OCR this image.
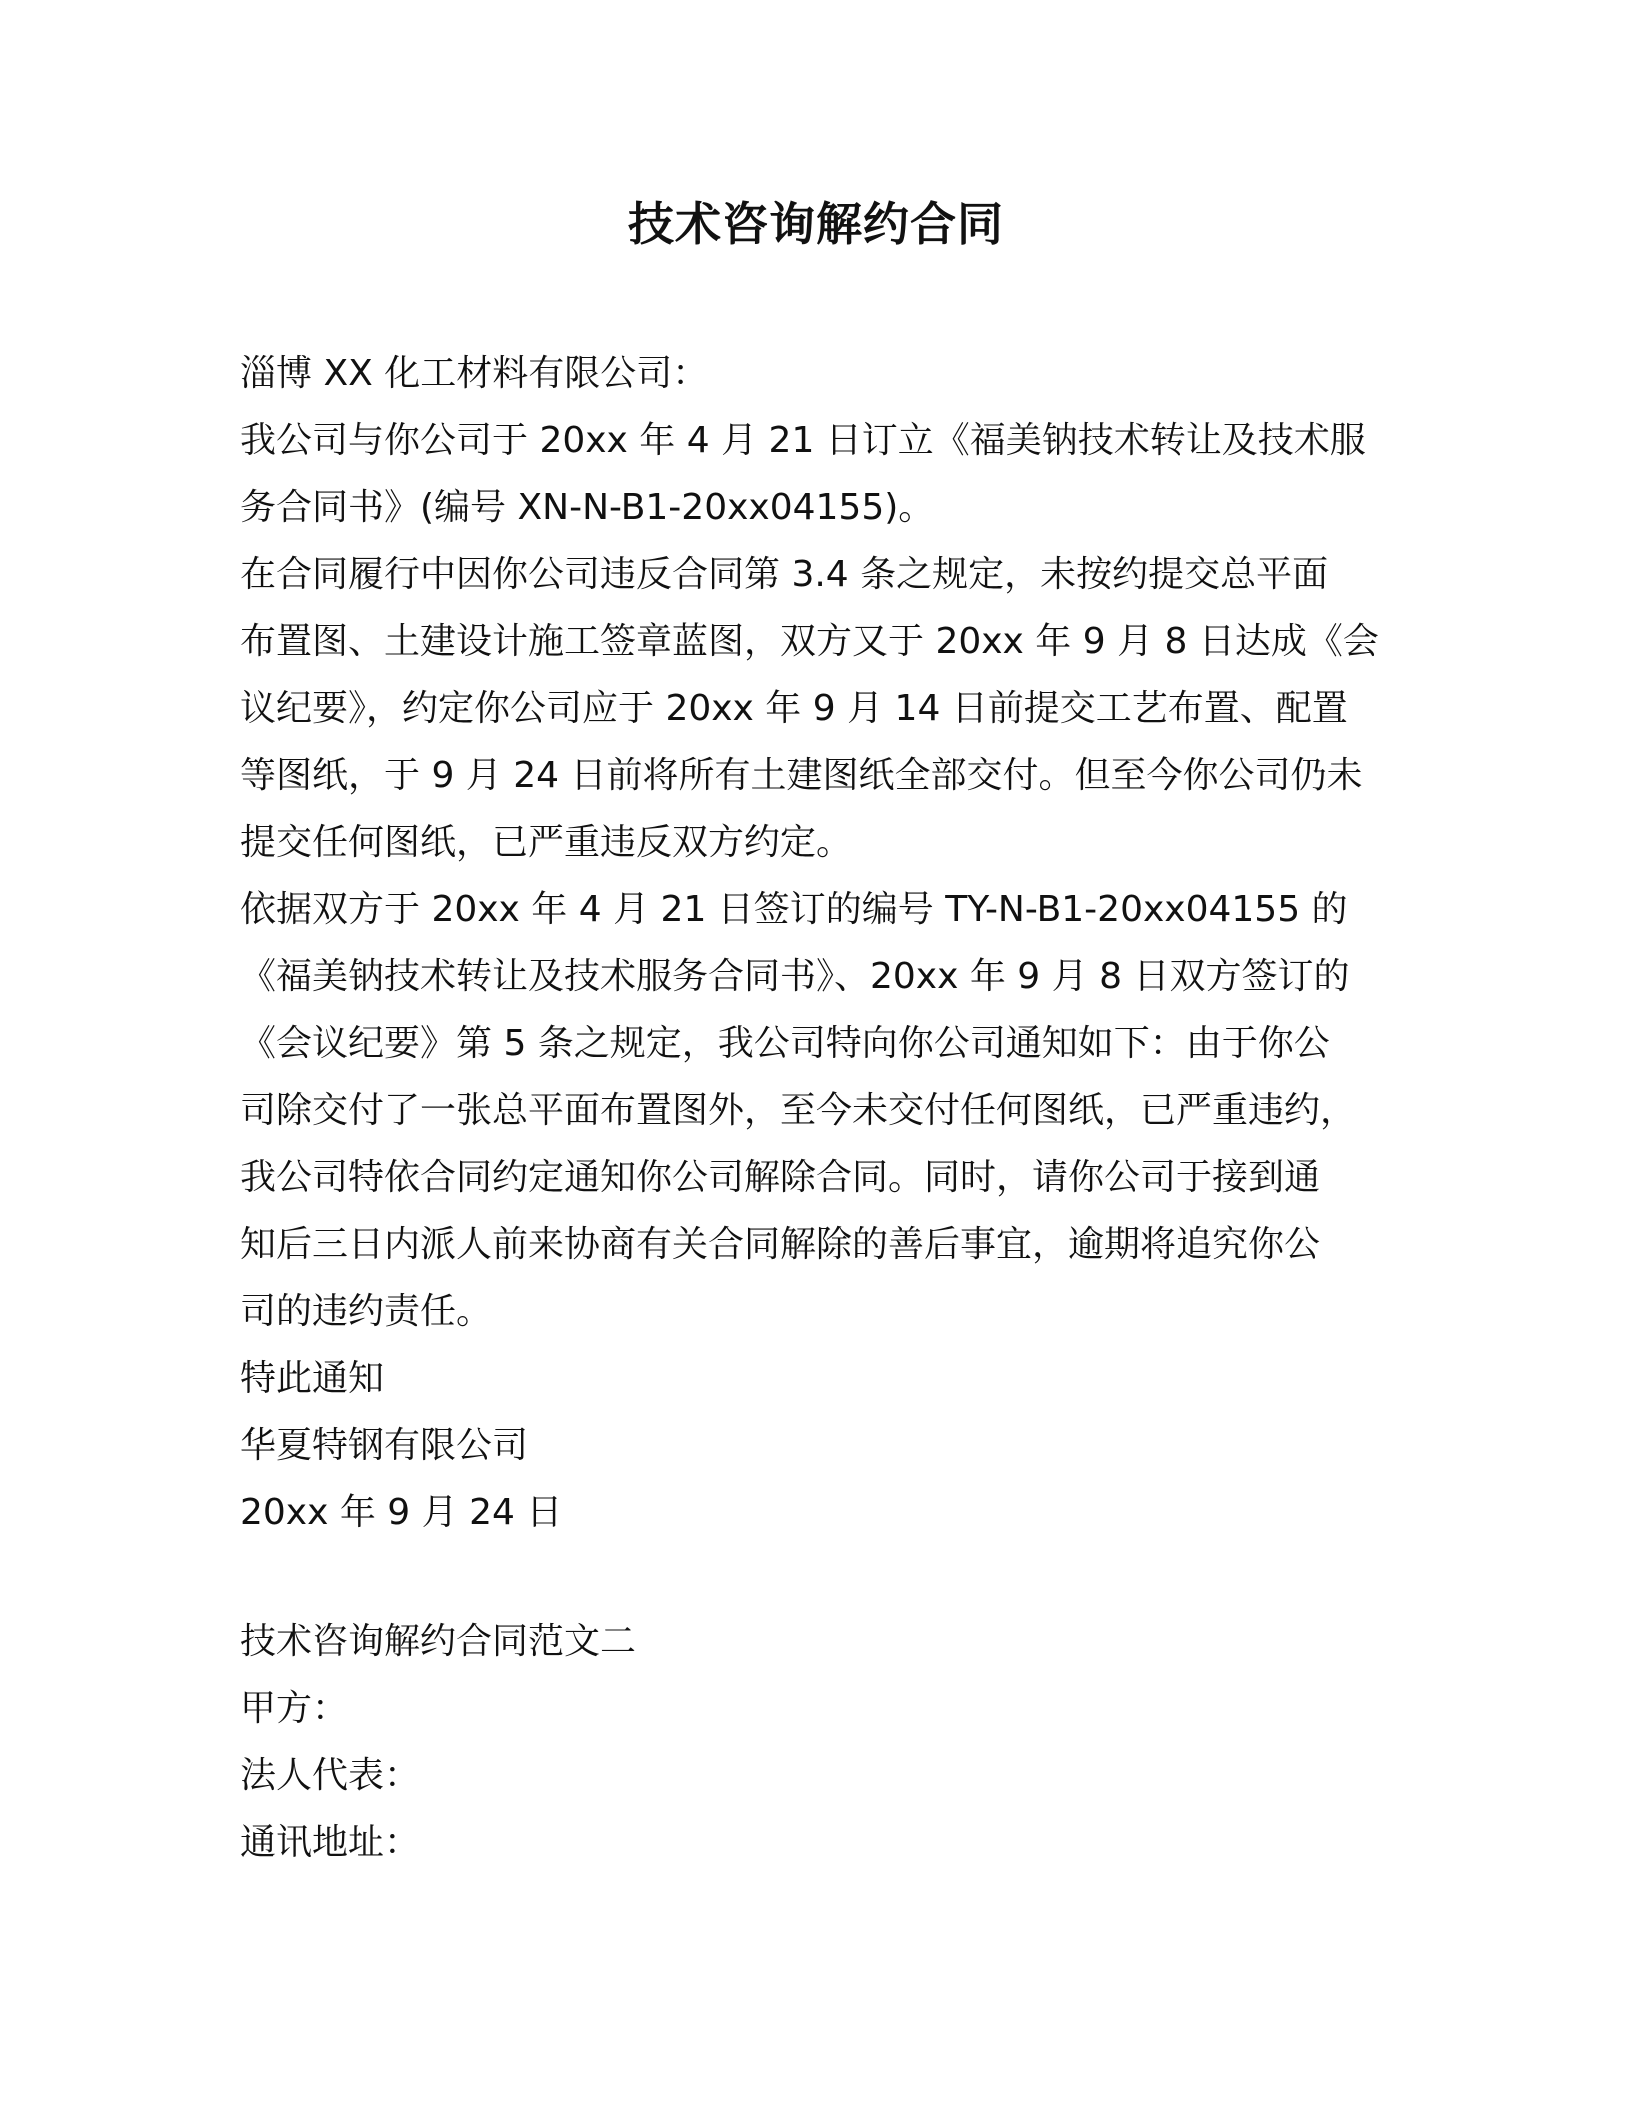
技术咨询解约合同
淄博 XX 化工材料有限公司：
我公司与你公司于 20xx 年 4 月 21 日订立《福美钠技术转让及技术服
务合同书》(编号 XN-N-B1-20xx04155)。
在合同履行中因你公司违反合同第 3.4 条之规定，未按约提交总平面
布置图、土建设计施工签章蓝图，双方又于 20xx 年 9 月 8 日达成《会
议纪要》，约定你公司应于 20xx 年 9 月 14 日前提交工艺布置、配置
等图纸，于 9 月 24 日前将所有土建图纸全部交付。但至今你公司仍未
提交任何图纸，已严重违反双方约定。
依据双方于 20xx 年 4 月 21 日签订的编号 TY-N-B1-20xx04155 的
《福美钠技术转让及技术服务合同书》、20xx 年 9 月 8 日双方签订的
《会议纪要》第 5 条之规定，我公司特向你公司通知如下：由于你公
司除交付了一张总平面布置图外，至今未交付任何图纸，已严重违约，
我公司特依合同约定通知你公司解除合同。同时，请你公司于接到通
知后三日内派人前来协商有关合同解除的善后事宜，逾期将追究你公
司的违约责任。
特此通知
华夏特钢有限公司
20xx 年 9 月 24 日
技术咨询解约合同范文二
甲方：
法人代表：
通讯地址：
